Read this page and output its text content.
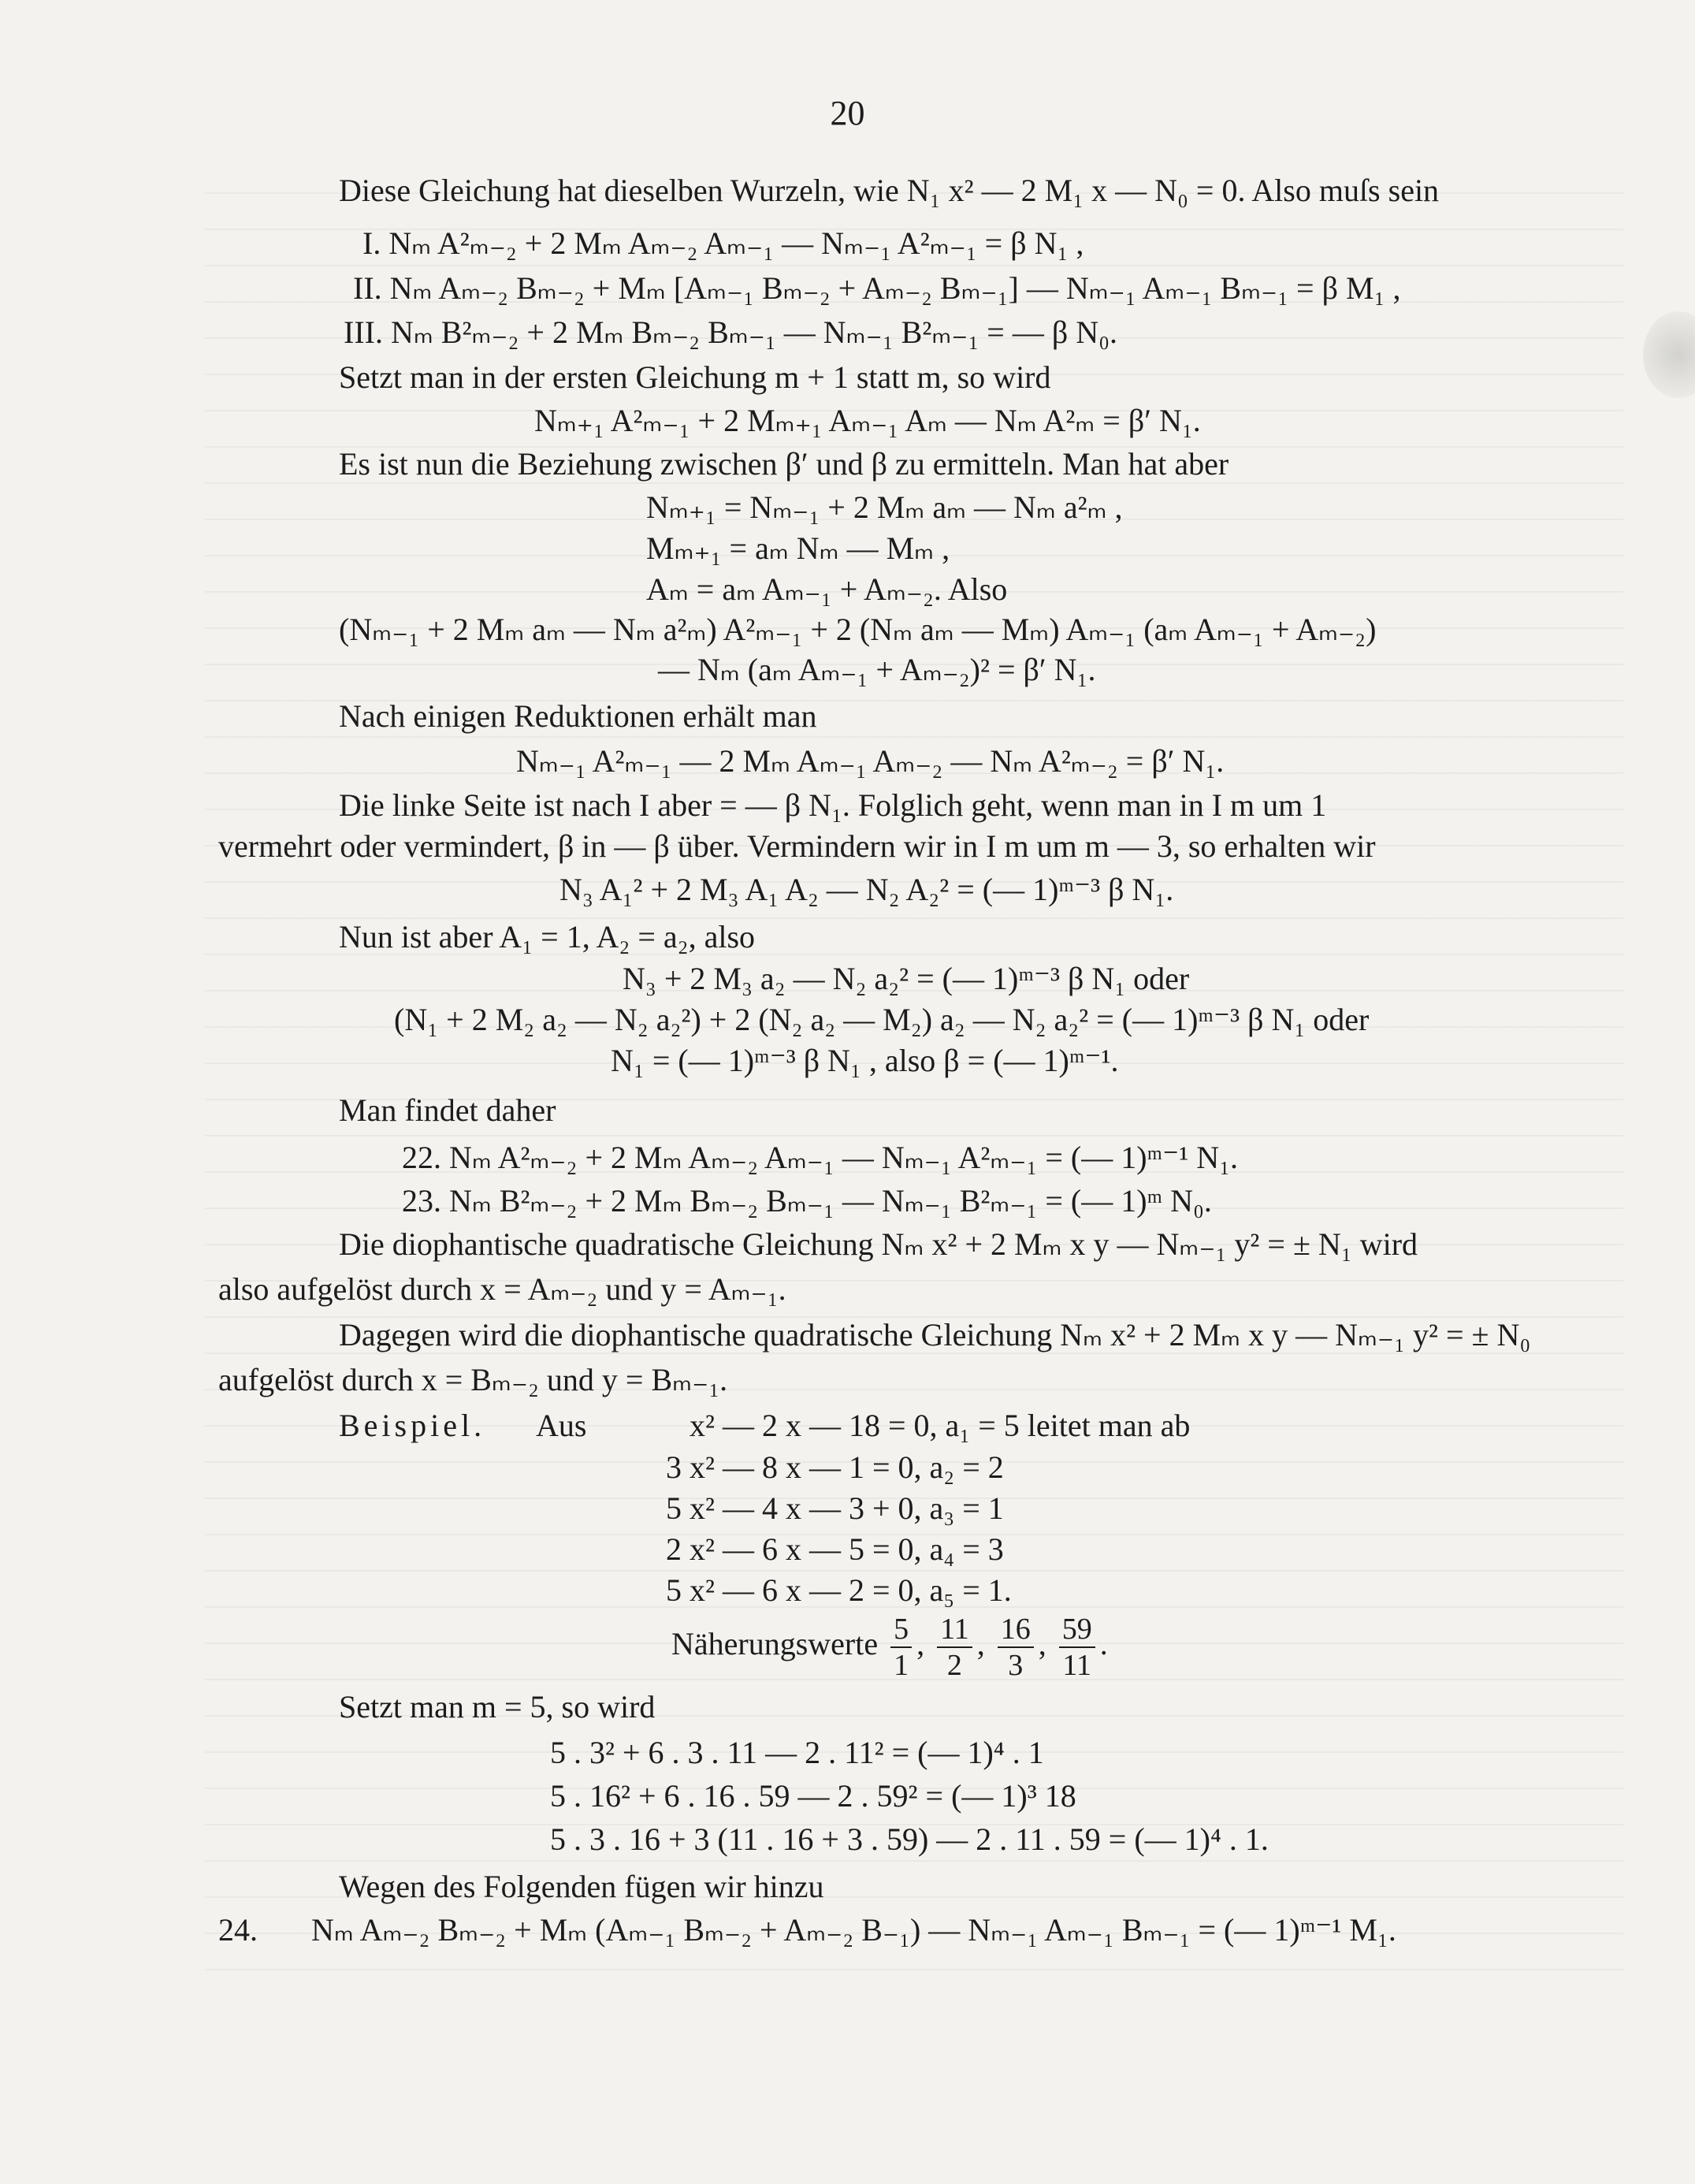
20
Diese Gleichung hat dieselben Wurzeln, wie N₁ x² — 2 M₁ x — N₀ = 0. Also muſs sein
I. Nₘ A²ₘ₋₂ + 2 Mₘ Aₘ₋₂ Aₘ₋₁ — Nₘ₋₁ A²ₘ₋₁ = β N₁ ,
II. Nₘ Aₘ₋₂ Bₘ₋₂ + Mₘ [Aₘ₋₁ Bₘ₋₂ + Aₘ₋₂ Bₘ₋₁] — Nₘ₋₁ Aₘ₋₁ Bₘ₋₁ = β M₁ ,
III. Nₘ B²ₘ₋₂ + 2 Mₘ Bₘ₋₂ Bₘ₋₁ — Nₘ₋₁ B²ₘ₋₁ = — β N₀.
Setzt man in der ersten Gleichung m + 1 statt m, so wird
Nₘ₊₁ A²ₘ₋₁ + 2 Mₘ₊₁ Aₘ₋₁ Aₘ — Nₘ A²ₘ = β′ N₁.
Es ist nun die Beziehung zwischen β′ und β zu ermitteln. Man hat aber
Nₘ₊₁ = Nₘ₋₁ + 2 Mₘ aₘ — Nₘ a²ₘ ,
Mₘ₊₁ = aₘ Nₘ — Mₘ ,
Aₘ = aₘ Aₘ₋₁ + Aₘ₋₂. Also
(Nₘ₋₁ + 2 Mₘ aₘ — Nₘ a²ₘ) A²ₘ₋₁ + 2 (Nₘ aₘ — Mₘ) Aₘ₋₁ (aₘ Aₘ₋₁ + Aₘ₋₂)
— Nₘ (aₘ Aₘ₋₁ + Aₘ₋₂)² = β′ N₁.
Nach einigen Reduktionen erhält man
Nₘ₋₁ A²ₘ₋₁ — 2 Mₘ Aₘ₋₁ Aₘ₋₂ — Nₘ A²ₘ₋₂ = β′ N₁.
Die linke Seite ist nach I aber = — β N₁. Folglich geht, wenn man in I m um 1
vermehrt oder vermindert, β in — β über. Vermindern wir in I m um m — 3, so erhalten wir
N₃ A₁² + 2 M₃ A₁ A₂ — N₂ A₂² = (— 1)ᵐ⁻³ β N₁.
Nun ist aber A₁ = 1, A₂ = a₂, also
N₃ + 2 M₃ a₂ — N₂ a₂² = (— 1)ᵐ⁻³ β N₁ oder
(N₁ + 2 M₂ a₂ — N₂ a₂²) + 2 (N₂ a₂ — M₂) a₂ — N₂ a₂² = (— 1)ᵐ⁻³ β N₁ oder
N₁ = (— 1)ᵐ⁻³ β N₁ , also β = (— 1)ᵐ⁻¹.
Man findet daher
22. Nₘ A²ₘ₋₂ + 2 Mₘ Aₘ₋₂ Aₘ₋₁ — Nₘ₋₁ A²ₘ₋₁ = (— 1)ᵐ⁻¹ N₁.
23. Nₘ B²ₘ₋₂ + 2 Mₘ Bₘ₋₂ Bₘ₋₁ — Nₘ₋₁ B²ₘ₋₁ = (— 1)ᵐ N₀.
Die diophantische quadratische Gleichung Nₘ x² + 2 Mₘ x y — Nₘ₋₁ y² = ± N₁ wird
also aufgelöst durch x = Aₘ₋₂ und y = Aₘ₋₁.
Dagegen wird die diophantische quadratische Gleichung Nₘ x² + 2 Mₘ x y — Nₘ₋₁ y² = ± N₀
aufgelöst durch x = Bₘ₋₂ und y = Bₘ₋₁.
Beispiel. Aus	x² — 2 x — 18 = 0, a₁ = 5 leitet man ab
3 x² — 8 x — 1 = 0, a₂ = 2
5 x² — 4 x — 3 + 0, a₃ = 1
2 x² — 6 x — 5 = 0, a₄ = 3
5 x² — 6 x — 2 = 0, a₅ = 1.
Näherungswerte $\frac{5}{1}$ , $\frac{11}{2}$ , $\frac{16}{3}$ , $\frac{59}{11}$ .
Setzt man m = 5, so wird
5 . 3² + 6 . 3 . 11 — 2 . 11² = (— 1)⁴ . 1
5 . 16² + 6 . 16 . 59 — 2 . 59² = (— 1)³ 18
5 . 3 . 16 + 3 (11 . 16 + 3 . 59) — 2 . 11 . 59 = (— 1)⁴ . 1.
Wegen des Folgenden fügen wir hinzu
24. Nₘ Aₘ₋₂ Bₘ₋₂ + Mₘ (Aₘ₋₁ Bₘ₋₂ + Aₘ₋₂ B₋₁) — Nₘ₋₁ Aₘ₋₁ Bₘ₋₁ = (— 1)ᵐ⁻¹ M₁.
